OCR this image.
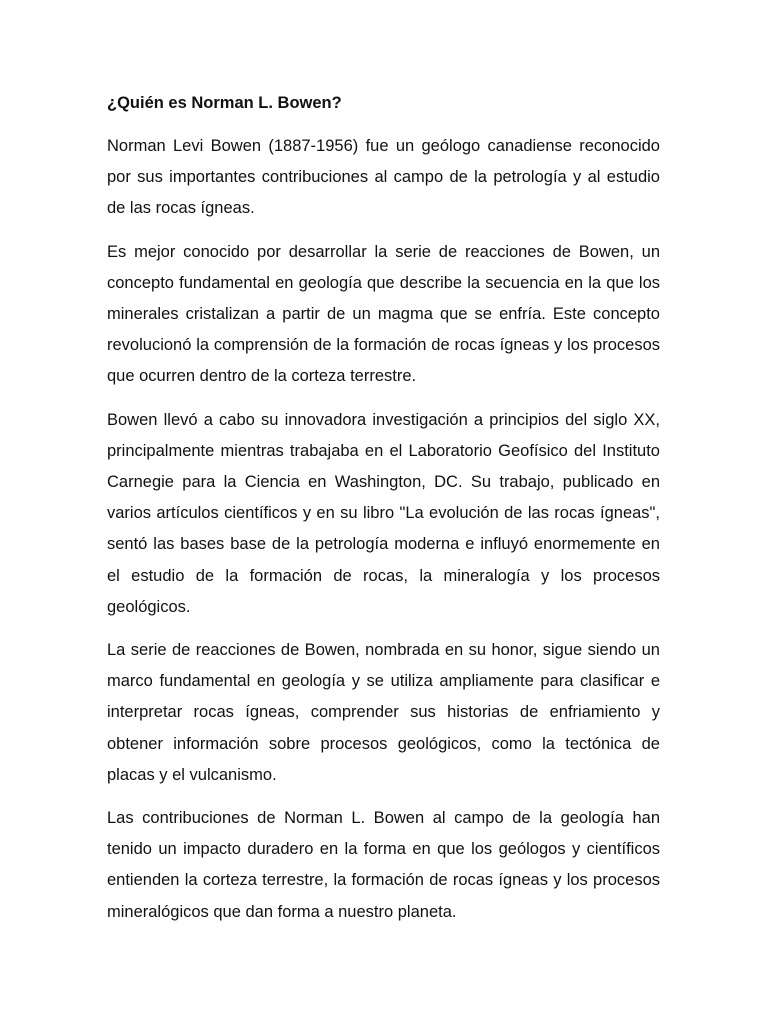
¿Quién es Norman L. Bowen?

Norman Levi Bowen (1887-1956) fue un geólogo canadiense reconocido por sus importantes contribuciones al campo de la petrología y al estudio de las rocas ígneas.

Es mejor conocido por desarrollar la serie de reacciones de Bowen, un concepto fundamental en geología que describe la secuencia en la que los minerales cristalizan a partir de un magma que se enfría. Este concepto revolucionó la comprensión de la formación de rocas ígneas y los procesos que ocurren dentro de la corteza terrestre.

Bowen llevó a cabo su innovadora investigación a principios del siglo XX, principalmente mientras trabajaba en el Laboratorio Geofísico del Instituto Carnegie para la Ciencia en Washington, DC. Su trabajo, publicado en varios artículos científicos y en su libro "La evolución de las rocas ígneas", sentó las bases base de la petrología moderna e influyó enormemente en el estudio de la formación de rocas, la mineralogía y los procesos geológicos.

La serie de reacciones de Bowen, nombrada en su honor, sigue siendo un marco fundamental en geología y se utiliza ampliamente para clasificar e interpretar rocas ígneas, comprender sus historias de enfriamiento y obtener información sobre procesos geológicos, como la tectónica de placas y el vulcanismo.

Las contribuciones de Norman L. Bowen al campo de la geología han tenido un impacto duradero en la forma en que los geólogos y científicos entienden la corteza terrestre, la formación de rocas ígneas y los procesos mineralógicos que dan forma a nuestro planeta.
